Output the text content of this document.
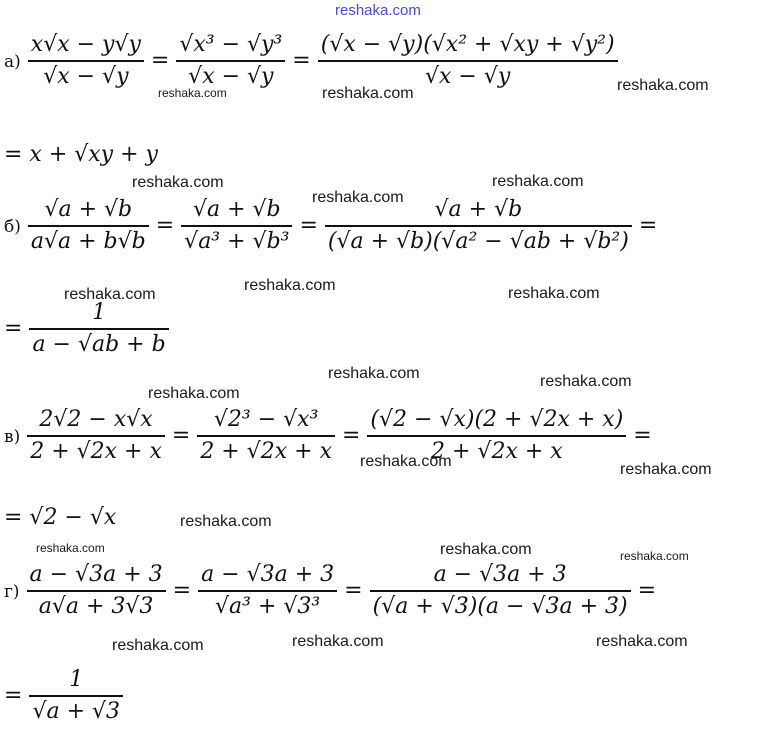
reshaka.com
$а) \frac{x√x - y√y}{√x - √y} = \frac{\text{√x³ − √y³}}{√x - √y} = \frac{\text{(√x − √y)(√x² + √xy + √y²)}}{√x - √y}$
= x + √xy + y
$б) \frac{√a + √b}{a√a + b√b} = \frac{√a + √b}{\text{√a³ + √b³}} = \frac{√a + √b}{\text{(√a + √b)(√a² − √ab + √b²)}}$ =
= $\frac{1}{a - √ab + b}$
$в) \frac{2√2 - x√x}{2 + √2x + x} = \frac{\text{√2³ − √x³}}{2 + √2x + x} = \frac{(√2 - √x)(2 + √2x + x)}{2 + √2x + x}$ =
= √2 − √x
$г) \frac{a - √3a + 3}{a√a + 3√3} = \frac{a - √3a + 3}{\text{√a³ + √3³}} = \frac{a - √3a + 3}{(√a + √3)(a - √3a + 3)}$ =
= $\frac{1}{√a + √3}$
reshaka.com	reshaka.com	reshaka.com
reshaka.com
reshaka.com
reshaka.com
reshaka.com
reshaka.com	reshaka.com
reshaka.com
reshaka.com
reshaka.com
reshaka.com	reshaka.com
reshaka.com
reshaka.com	reshaka.com	reshaka.com
reshaka.com	reshaka.com	reshaka.com
